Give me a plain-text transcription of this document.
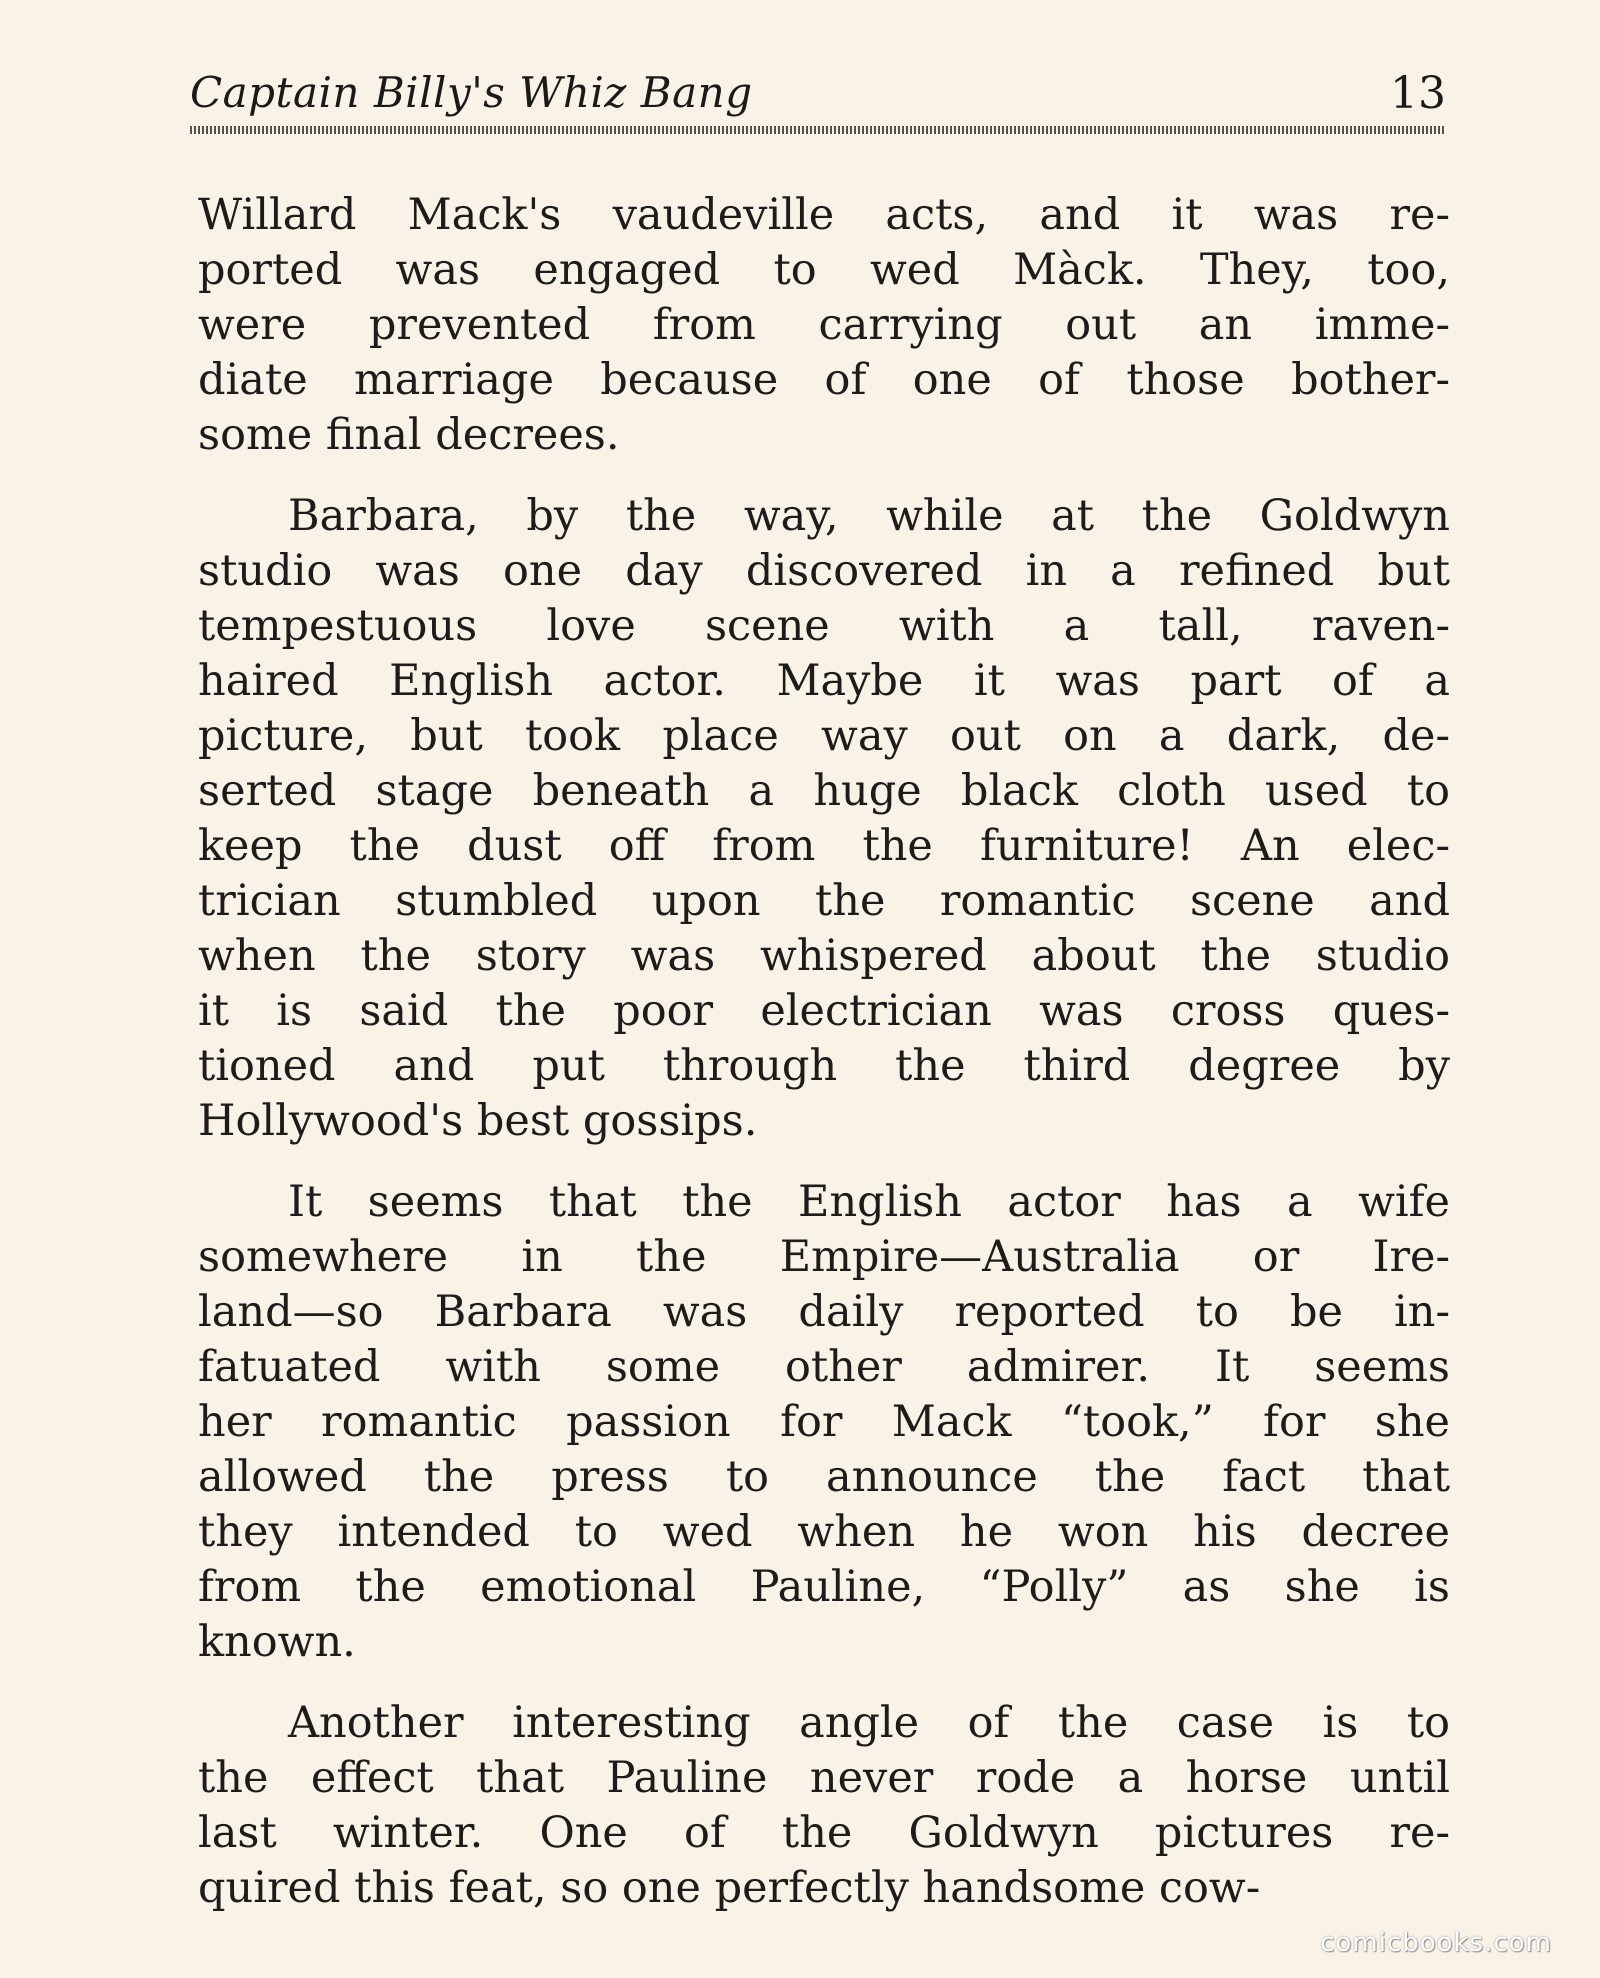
Captain Billy's Whiz Bang	13
Willard Mack's vaudeville acts, and it was re-
ported was engaged to wed Màck. They, too,
were prevented from carrying out an imme-
diate marriage because of one of those bother-
some final decrees.
Barbara, by the way, while at the Goldwyn
studio was one day discovered in a refined but
tempestuous love scene with a tall, raven-
haired English actor. Maybe it was part of a
picture, but took place way out on a dark, de-
serted stage beneath a huge black cloth used to
keep the dust off from the furniture! An elec-
trician stumbled upon the romantic scene and
when the story was whispered about the studio
it is said the poor electrician was cross ques-
tioned and put through the third degree by
Hollywood's best gossips.
It seems that the English actor has a wife
somewhere in the Empire—Australia or Ire-
land—so Barbara was daily reported to be in-
fatuated with some other admirer. It seems
her romantic passion for Mack “took,” for she
allowed the press to announce the fact that
they intended to wed when he won his decree
from the emotional Pauline, “Polly” as she is
known.
Another interesting angle of the case is to
the effect that Pauline never rode a horse until
last winter. One of the Goldwyn pictures re-
quired this feat, so one perfectly handsome cow-
comicbooks.com
